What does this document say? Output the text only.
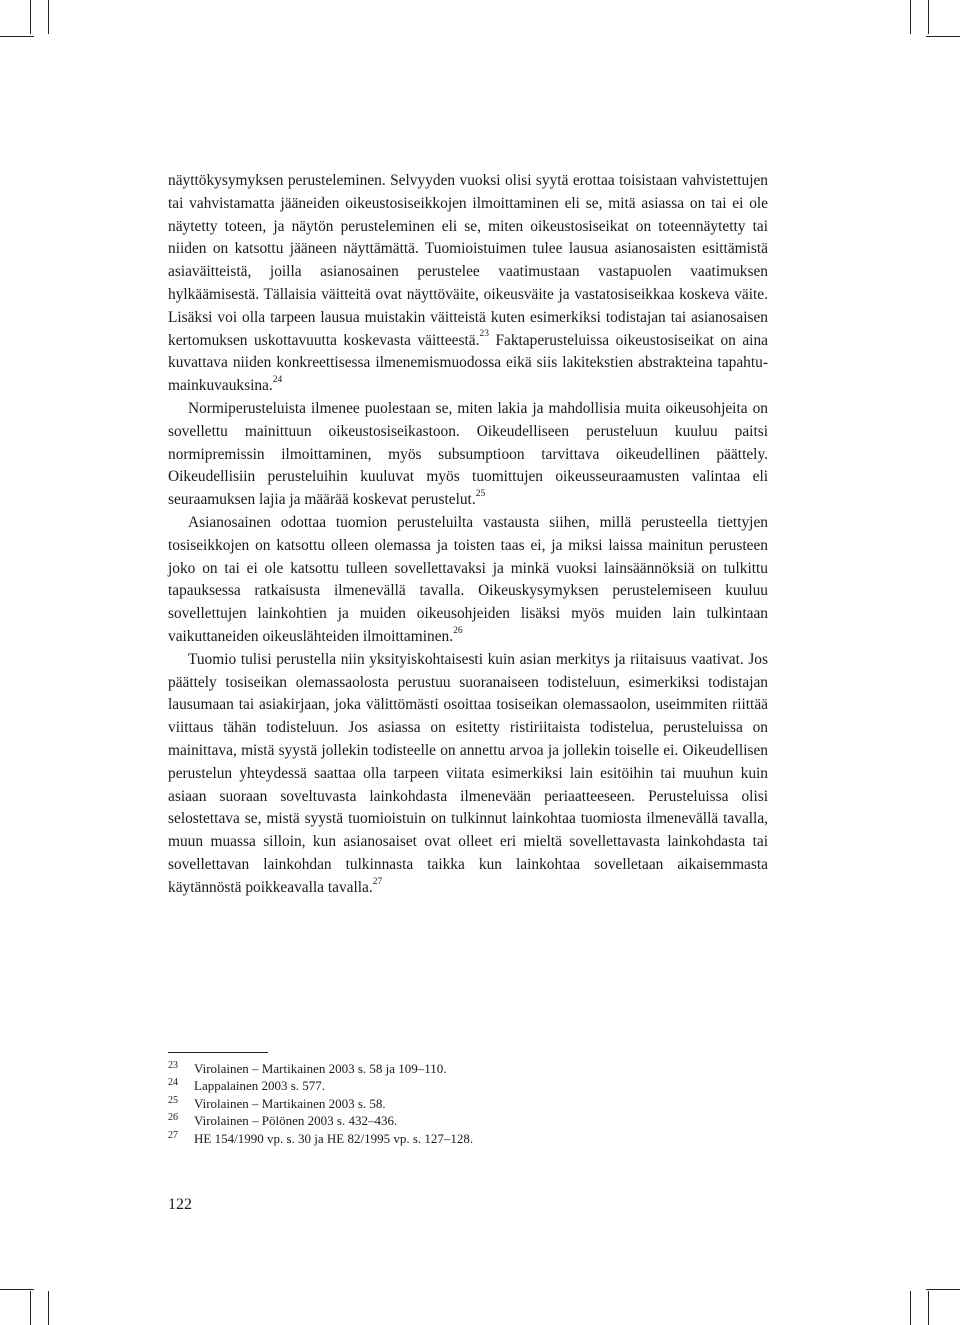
näyttökysymyksen perusteleminen. Selvyyden vuoksi olisi syytä erottaa toisistaan vahvistettujen tai vahvistamatta jääneiden oikeustosiseikkojen ilmoittaminen eli se, mitä asiassa on tai ei ole näytetty toteen, ja näytön perusteleminen eli se, miten oikeustosiseikat on toteennäytetty tai niiden on katsottu jääneen näyttämättä. Tuomioistuimen tulee lausua asianosaisten esittämistä asiaväitteistä, joilla asianosainen perustelee vaatimustaan vastapuolen vaatimuksen hylkäämisestä. Tällaisia väitteitä ovat näyttöväite, oikeusväite ja vastatosiseikkaa koskeva väite. Lisäksi voi olla tarpeen lausua muistakin väitteistä kuten esimerkiksi todistajan tai asianosaisen kertomuksen uskottavuutta koskevasta väitteestä.$^{23}$ Faktaperusteluissa oikeustosiseikat on aina kuvattava niiden konkreettisessa ilmenemismuodossa eikä siis lakitekstien abstrakteina tapahtumainkuvauksina.$^{24}$

Normiperusteluista ilmenee puolestaan se, miten lakia ja mahdollisia muita oikeusohjeita on sovellettu mainittuun oikeustosiseikastoon. Oikeudelliseen perusteluun kuuluu paitsi normipremissin ilmoittaminen, myös subsumptioon tarvittava oikeudellinen päättely. Oikeudellisiin perusteluihin kuuluvat myös tuomittujen oikeusseuraamusten valintaa eli seuraamuksen lajia ja määrää koskevat perustelut.$^{25}$

Asianosainen odottaa tuomion perusteluilta vastausta siihen, millä perusteella tiettyjen tosiseikkojen on katsottu olleen olemassa ja toisten taas ei, ja miksi laissa mainitun perusteen joko on tai ei ole katsottu tulleen sovellettavaksi ja minkä vuoksi lainsäännöksiä on tulkittu tapauksessa ratkaisusta ilmenevällä tavalla. Oikeuskysymyksen perustelemiseen kuuluu sovellettujen lainkohtien ja muiden oikeusohjeiden lisäksi myös muiden lain tulkintaan vaikuttaneiden oikeuslähteiden ilmoittaminen.$^{26}$

Tuomio tulisi perustella niin yksityiskohtaisesti kuin asian merkitys ja riitaisuus vaativat. Jos päättely tosiseikan olemassaolosta perustuu suoranaiseen todisteluun, esimerkiksi todistajan lausumaan tai asiakirjaan, joka välittömästi osoittaa tosiseikan olemassaolon, useimmiten riittää viittaus tähän todisteluun. Jos asiassa on esitetty ristiriitaista todistelua, perusteluissa on mainittava, mistä syystä jollekin todisteelle on annettu arvoa ja jollekin toiselle ei. Oikeudellisen perustelun yhteydessä saattaa olla tarpeen viitata esimerkiksi lain esitöihin tai muuhun kuin asiaan suoraan soveltuvasta lainkohdasta ilmenevään periaatteeseen. Perusteluissa olisi selostettava se, mistä syystä tuomioistuin on tulkinnut lainkohtaa tuomiosta ilmenevällä tavalla, muun muassa silloin, kun asianosaiset ovat olleet eri mieltä sovellettavasta lainkohdasta tai sovellettavan lainkohdan tulkinnasta taikka kun lainkohtaa sovelletaan aikaisemmasta käytännöstä poikkeavalla tavalla.$^{27}$

23	Virolainen – Martikainen 2003 s. 58 ja 109–110.
24	Lappalainen 2003 s. 577.
25	Virolainen – Martikainen 2003 s. 58.
26	Virolainen – Pölönen 2003 s. 432–436.
27	HE 154/1990 vp. s. 30 ja HE 82/1995 vp. s. 127–128.
122
